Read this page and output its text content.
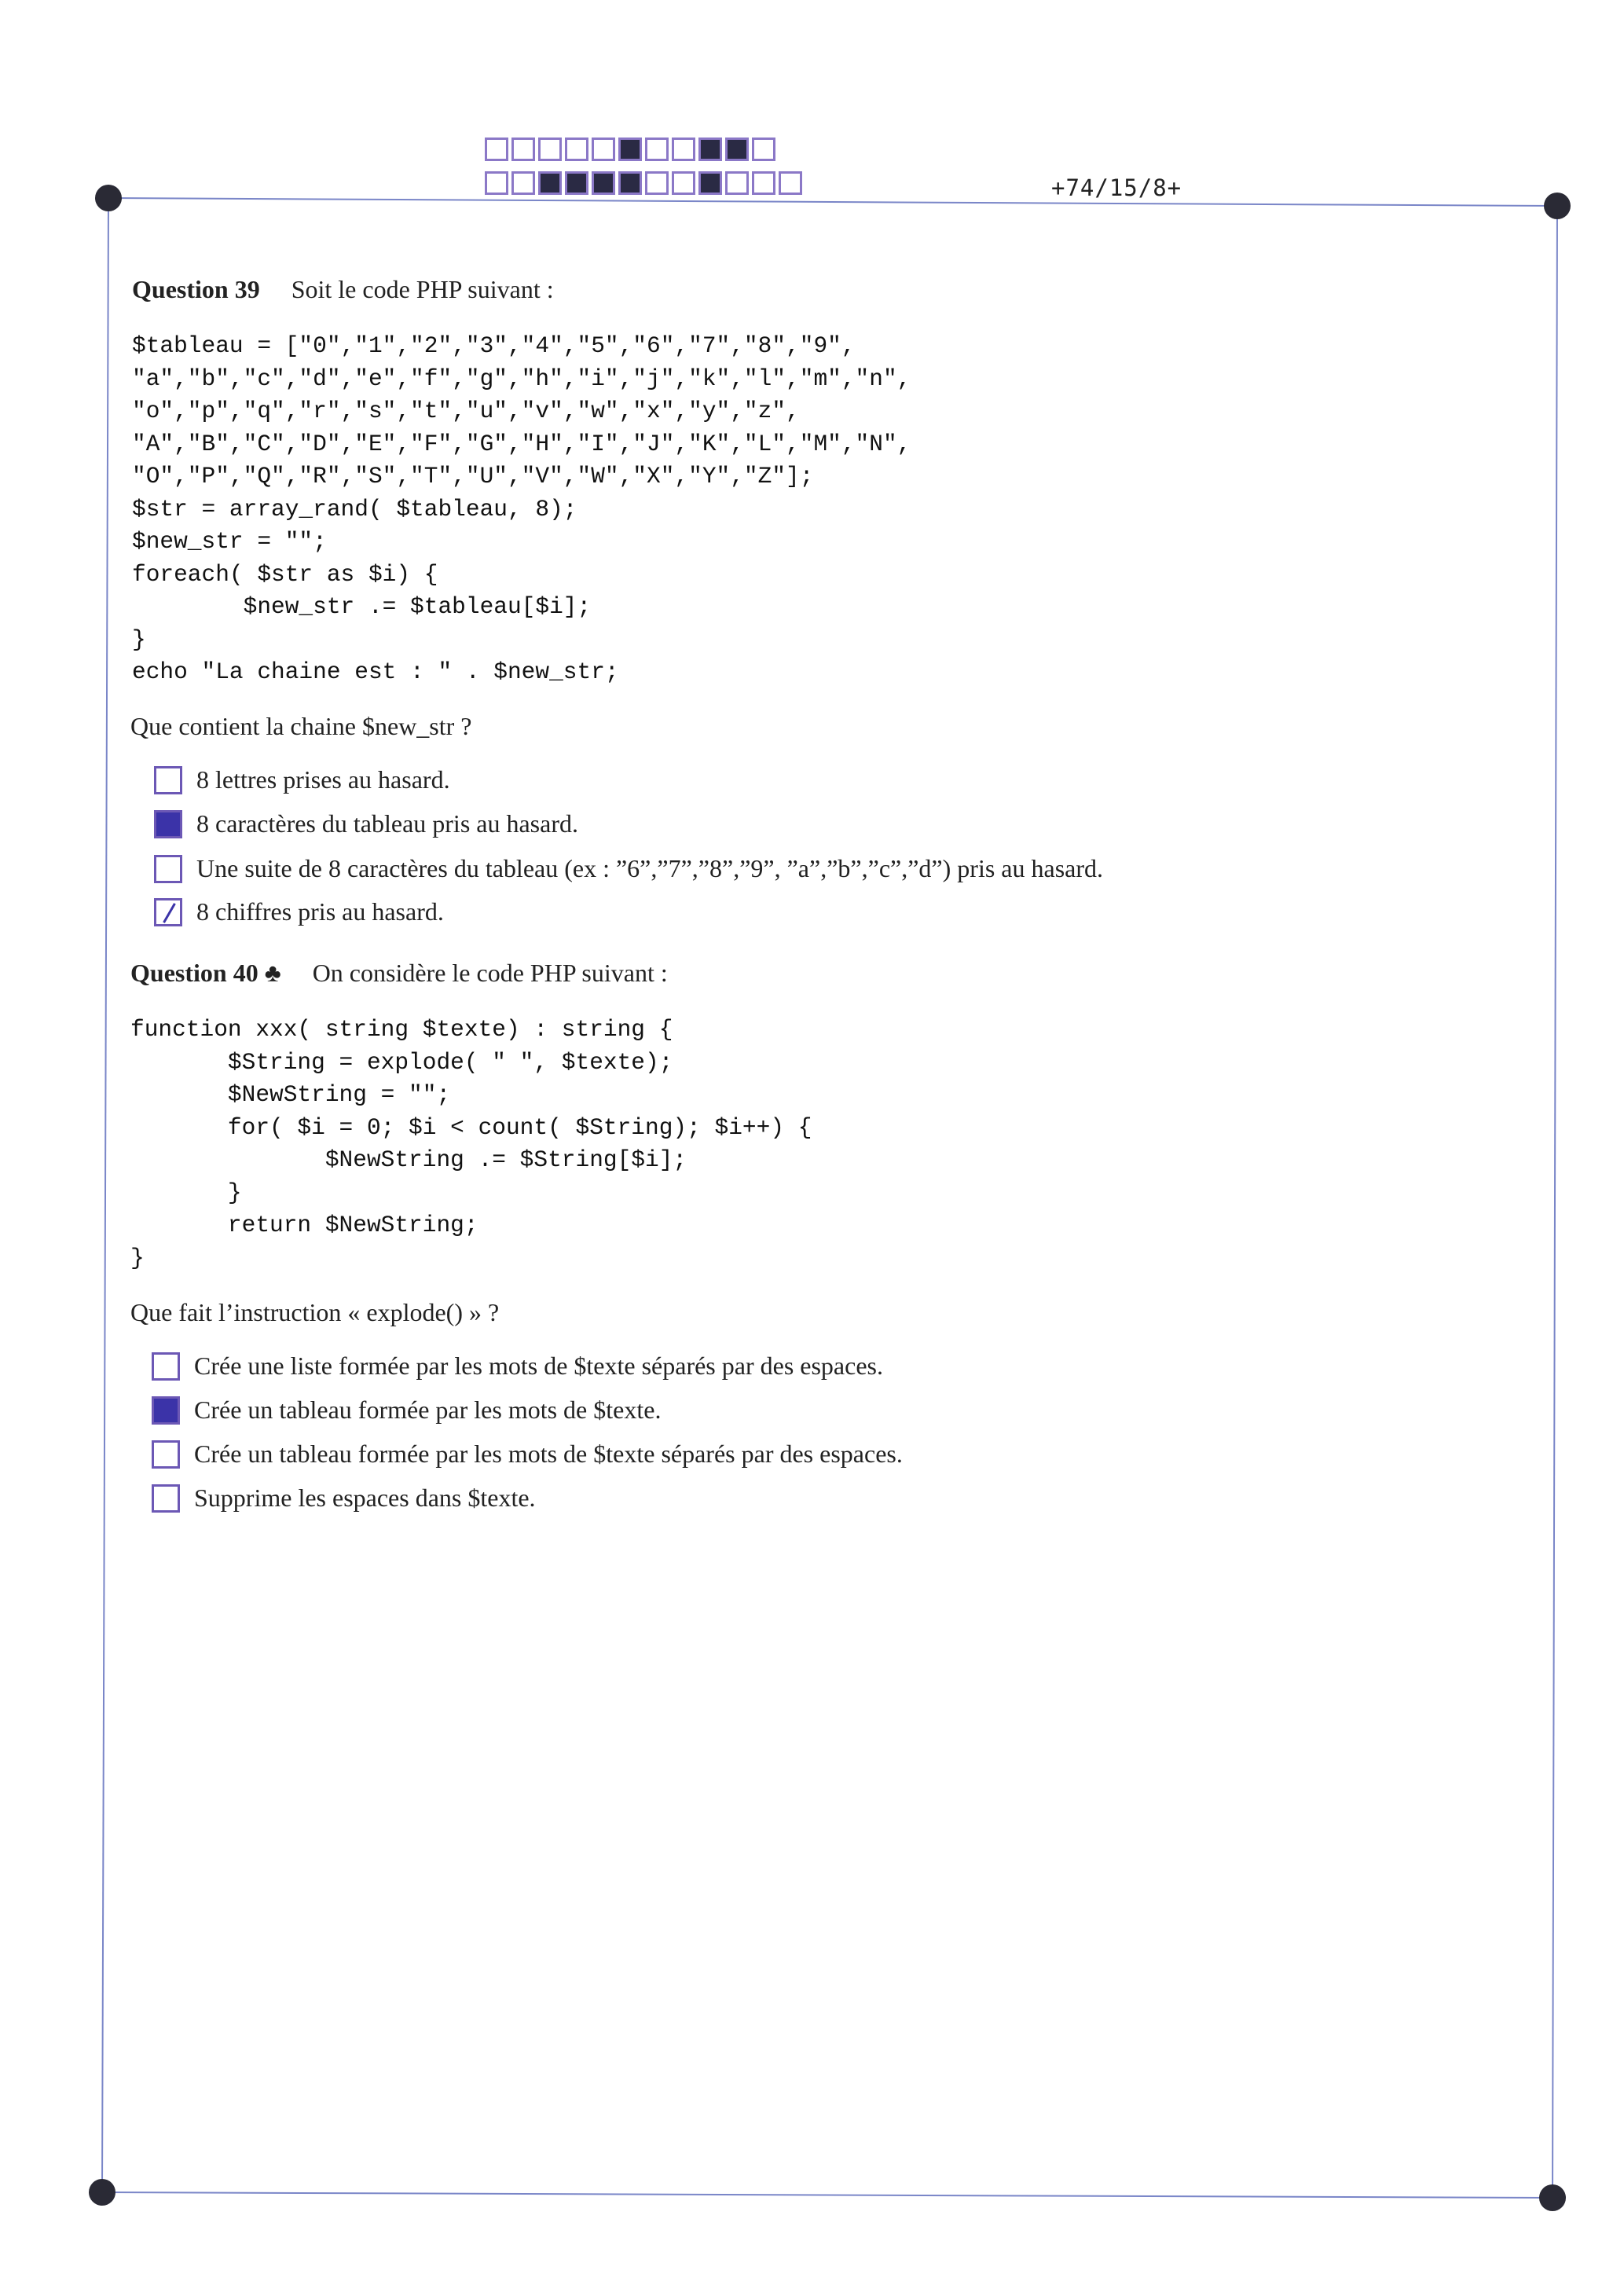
+74/15/8+
Question 39 Soit le code PHP suivant :
$tableau = ["0","1","2","3","4","5","6","7","8","9",
"a","b","c","d","e","f","g","h","i","j","k","l","m","n",
"o","p","q","r","s","t","u","v","w","x","y","z",
"A","B","C","D","E","F","G","H","I","J","K","L","M","N",
"O","P","Q","R","S","T","U","V","W","X","Y","Z"];
$str = array_rand( $tableau, 8);
$new_str = "";
foreach( $str as $i) {
$new_str .= $tableau[$i];
}
echo "La chaine est : " . $new_str;
Que contient la chaine $new_str ?
8 lettres prises au hasard.
8 caractères du tableau pris au hasard.
Une suite de 8 caractères du tableau (ex : ”6”,”7”,”8”,”9”, ”a”,”b”,”c”,”d”) pris au hasard.
8 chiffres pris au hasard.
Question 40 ♣ On considère le code PHP suivant :
function xxx( string $texte) : string {
$String = explode( " ", $texte);
$NewString = "";
for( $i = 0; $i < count( $String); $i++) {
$NewString .= $String[$i];
}
return $NewString;
}
Que fait l’instruction « explode() » ?
Crée une liste formée par les mots de $texte séparés par des espaces.
Crée un tableau formée par les mots de $texte.
Crée un tableau formée par les mots de $texte séparés par des espaces.
Supprime les espaces dans $texte.
